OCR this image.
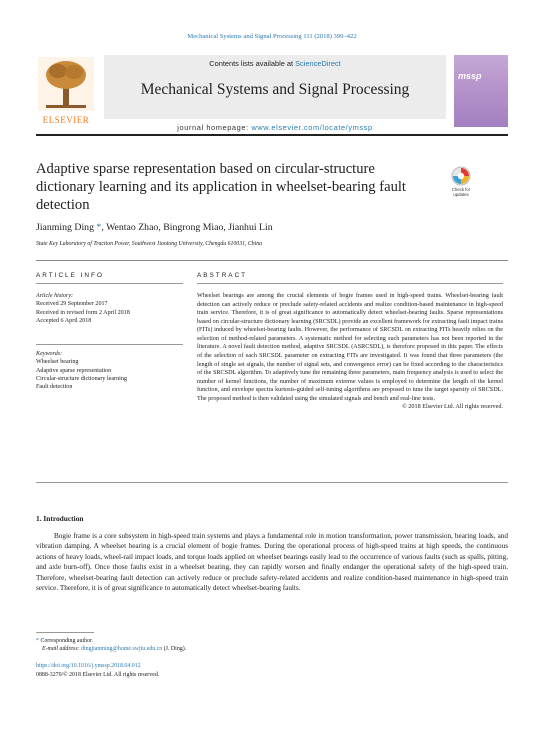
Mechanical Systems and Signal Processing 111 (2018) 399–422
ELSEVIER
Contents lists available at ScienceDirect
Mechanical Systems and Signal Processing
journal homepage: www.elsevier.com/locate/ymssp
mssp
Adaptive sparse representation based on circular-structure dictionary learning and its application in wheelset-bearing fault detection
Check for updates
Jianming Ding *, Wentao Zhao, Bingrong Miao, Jianhui Lin
State Key Laboratory of Traction Power, Southwest Jiaotong University, Chengdu 610031, China
ARTICLE INFO	ABSTRACT
Article history:
Received 29 September 2017
Received in revised form 2 April 2018
Accepted 6 April 2018
Keywords:
Wheelset bearing
Adaptive sparse representation
Circular-structure dictionary learning
Fault detection
Wheelset bearings are among the crucial elements of bogie frames used in high-speed trains. Wheelset-bearing fault detection can actively reduce or preclude safety-related accidents and realize condition-based maintenance in high-speed train service. Therefore, it is of great significance to automatically detect wheelset-bearing faults. Sparse representations based on circular-structure dictionary learning (SRCSDL) provide an excellent framework for extracting fault impact trains (FITs) induced by wheelset-bearing faults. However, the performance of SRCSDL on extracting FITs heavily relies on the selection of method-related parameters. A systematic method for selecting such parameters has not been reported in the literature. A novel fault detection method, adaptive SRCSDL (ASRCSDL), is therefore proposed in this paper. The effects of the selection of each SRCSDL parameter on extracting FITs are investigated. It was found that three parameters (the length of single set signals, the number of signal sets, and convergence error) can be fixed according to the characteristics of the SRCSDL algorithm. To adaptively tune the remaining three parameters, main frequency analysis is used to select the number of kernel functions, the number of maximum extreme values is employed to determine the length of the kernel function, and envelope spectra kurtosis-guided self-tuning algorithms are proposed to tune the target sparsity of SRCSDL. The proposed method is then validated using the simulated signals and bench and real-line tests.
© 2018 Elsevier Ltd. All rights reserved.
1. Introduction
Bogie frame is a core subsystem in high-speed train systems and plays a fundamental role in motion transformation, power transmission, bearing loads, and vibration damping. A wheelset bearing is a crucial element of bogie frames. During the operational process of high-speed trains at high speeds, the continuous actions of heavy loads, wheel-rail impact loads, and torque loads applied on wheelset bearings easily lead to the occurrence of various faults (such as spalls, pitting, and axle burn-off). Once those faults exist in a wheelset bearing, they can rapidly worsen and finally endanger the operational safety of the high-speed train. Therefore, wheelset-bearing fault detection can actively reduce or preclude safety-related accidents and realize condition-based maintenance in high-speed train service. Therefore, it is of great significance to automatically detect wheelset-bearing faults.
* Corresponding author.
E-mail address: dingjianming@home.swjtu.edu.cn (J. Ding).
https://doi.org/10.1016/j.ymssp.2018.04.012
0888-3270/© 2018 Elsevier Ltd. All rights reserved.
